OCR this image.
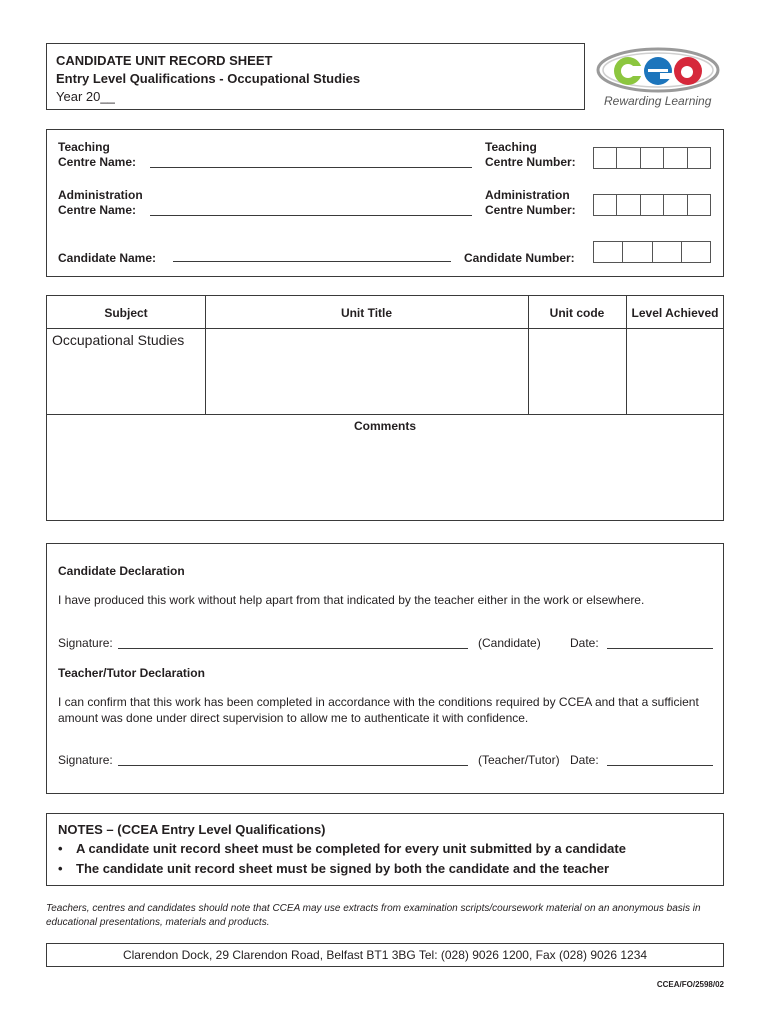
CANDIDATE UNIT RECORD SHEET
Entry Level Qualifications - Occupational Studies
Year 20__	Rewarding Learning
Teaching
Centre Name:
Teaching
Centre Number:
Administration
Centre Name:
Administration
Centre Number:
Candidate Name:	Candidate Number:
Subject	Unit Title	Unit code	Level Achieved
Occupational Studies
Comments
Candidate Declaration
I have produced this work without help apart from that indicated by the teacher either in the work or elsewhere.
Signature:	(Candidate) Date:
Teacher/Tutor Declaration
I can confirm that this work has been completed in accordance with the conditions required by CCEA and that a sufficient amount was done under direct supervision to allow me to authenticate it with confidence.
Signature:	(Teacher/Tutor) Date:
NOTES – (CCEA Entry Level Qualifications)
• A candidate unit record sheet must be completed for every unit submitted by a candidate
• The candidate unit record sheet must be signed by both the candidate and the teacher
Teachers, centres and candidates should note that CCEA may use extracts from examination scripts/coursework material on an anonymous basis in educational presentations, materials and products.
Clarendon Dock, 29 Clarendon Road, Belfast BT1 3BG Tel: (028) 9026 1200, Fax (028) 9026 1234
CCEA/FO/2598/02
